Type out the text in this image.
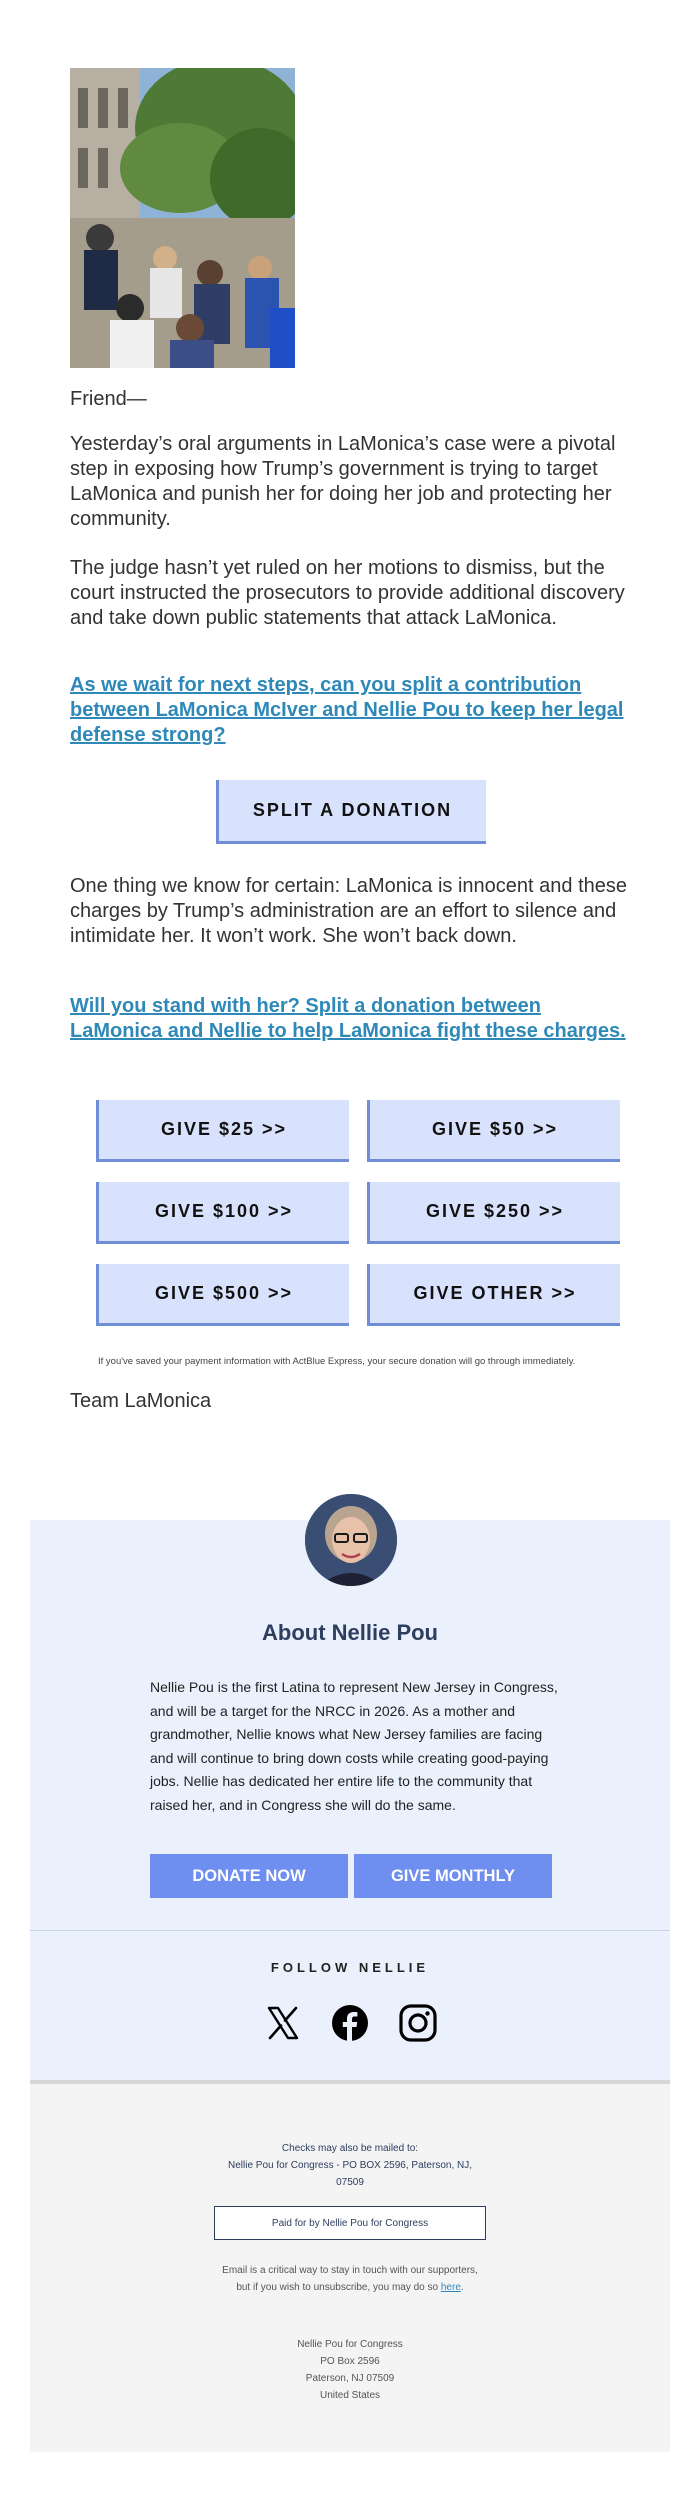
Friend—
Yesterday’s oral arguments in LaMonica’s case were a pivotal step in exposing how Trump’s government is trying to target LaMonica and punish her for doing her job and protecting her community.
The judge hasn’t yet ruled on her motions to dismiss, but the court instructed the prosecutors to provide additional discovery and take down public statements that attack LaMonica.
As we wait for next steps, can you split a contribution between LaMonica McIver and Nellie Pou to keep her legal defense strong?
SPLIT A DONATION
One thing we know for certain: LaMonica is innocent and these charges by Trump’s administration are an effort to silence and intimidate her. It won’t work. She won’t back down.
Will you stand with her? Split a donation between LaMonica and Nellie to help LaMonica fight these charges.
GIVE $25 >>	GIVE $50 >>
GIVE $100 >>	GIVE $250 >>
GIVE $500 >>	GIVE OTHER >>
If you've saved your payment information with ActBlue Express, your secure donation will go through immediately.
Team LaMonica
About Nellie Pou
Nellie Pou is the first Latina to represent New Jersey in Congress, and will be a target for the NRCC in 2026. As a mother and grandmother, Nellie knows what New Jersey families are facing and will continue to bring down costs while creating good-paying jobs. Nellie has dedicated her entire life to the community that raised her, and in Congress she will do the same.
DONATE NOW	GIVE MONTHLY
FOLLOW NELLIE
Checks may also be mailed to:
Nellie Pou for Congress - PO BOX 2596, Paterson, NJ, 07509
Paid for by Nellie Pou for Congress
Email is a critical way to stay in touch with our supporters, but if you wish to unsubscribe, you may do so here.
Nellie Pou for Congress
PO Box 2596
Paterson, NJ 07509
United States
